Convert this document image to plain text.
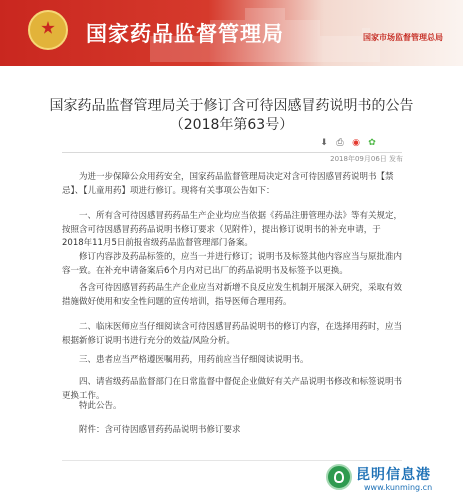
国家药品监督管理局	国家市场监督管理总局
国家药品监督管理局关于修订含可待因感冒药说明书的公告
（2018年第63号）
⬇ ⎙ ◉ ✿
2018年09月06日 发布

为进一步保障公众用药安全，国家药品监督管理局决定对含可待因感冒药说明书【禁忌】、【儿童用药】项进行修订。现将有关事项公告如下：

一、所有含可待因感冒药药品生产企业均应当依据《药品注册管理办法》等有关规定，按照含可待因感冒药药品说明书修订要求（见附件），提出修订说明书的补充申请，于2018年11月5日前报省级药品监督管理部门备案。

修订内容涉及药品标签的，应当一并进行修订；说明书及标签其他内容应当与原批准内容一致。在补充申请备案后6个月内对已出厂的药品说明书及标签予以更换。

各含可待因感冒药药品生产企业应当对新增不良反应发生机制开展深入研究，采取有效措施做好使用和安全性问题的宣传培训，指导医师合理用药。

二、临床医师应当仔细阅读含可待因感冒药品说明书的修订内容，在选择用药时，应当根据新修订说明书进行充分的效益/风险分析。

三、患者应当严格遵医嘱用药，用药前应当仔细阅读说明书。

四、请省级药品监督部门在日常监督中督促企业做好有关产品说明书修改和标签说明书更换工作。

特此公告。

附件：含可待因感冒药药品说明书修订要求

昆明信息港
www.kunming.cn
